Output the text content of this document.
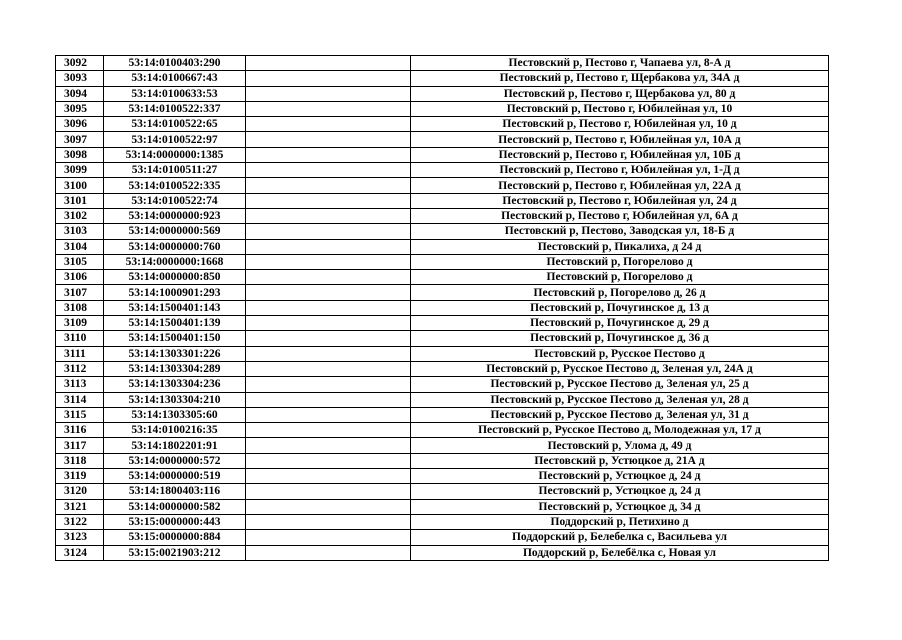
3092	53:14:0100403:290		Пестовский р, Пестово г, Чапаева ул, 8-А д
3093	53:14:0100667:43		Пестовский р, Пестово г, Щербакова ул, 34А д
3094	53:14:0100633:53		Пестовский р, Пестово г, Щербакова ул, 80 д
3095	53:14:0100522:337		Пестовский р, Пестово г, Юбилейная ул, 10
3096	53:14:0100522:65		Пестовский р, Пестово г, Юбилейная ул, 10 д
3097	53:14:0100522:97		Пестовский р, Пестово г, Юбилейная ул, 10А д
3098	53:14:0000000:1385		Пестовский р, Пестово г, Юбилейная ул, 10Б д
3099	53:14:0100511:27		Пестовский р, Пестово г, Юбилейная ул, 1-Д д
3100	53:14:0100522:335		Пестовский р, Пестово г, Юбилейная ул, 22А д
3101	53:14:0100522:74		Пестовский р, Пестово г, Юбилейная ул, 24 д
3102	53:14:0000000:923		Пестовский р, Пестово г, Юбилейная ул, 6А д
3103	53:14:0000000:569		Пестовский р, Пестово, Заводская ул, 18-Б д
3104	53:14:0000000:760		Пестовский р, Пикалиха, д 24 д
3105	53:14:0000000:1668		Пестовский р, Погорелово д
3106	53:14:0000000:850		Пестовский р, Погорелово д
3107	53:14:1000901:293		Пестовский р, Погорелово д, 26 д
3108	53:14:1500401:143		Пестовский р, Почугинское д, 13 д
3109	53:14:1500401:139		Пестовский р, Почугинское д, 29 д
3110	53:14:1500401:150		Пестовский р, Почугинское д, 36 д
3111	53:14:1303301:226		Пестовский р, Русское Пестово д
3112	53:14:1303304:289		Пестовский р, Русское Пестово д, Зеленая ул, 24А д
3113	53:14:1303304:236		Пестовский р, Русское Пестово д, Зеленая ул, 25 д
3114	53:14:1303304:210		Пестовский р, Русское Пестово д, Зеленая ул, 28 д
3115	53:14:1303305:60		Пестовский р, Русское Пестово д, Зеленая ул, 31 д
3116	53:14:0100216:35		Пестовский р, Русское Пестово д, Молодежная ул, 17 д
3117	53:14:1802201:91		Пестовский р, Улома д, 49 д
3118	53:14:0000000:572		Пестовский р, Устюцкое д, 21А д
3119	53:14:0000000:519		Пестовский р, Устюцкое д, 24 д
3120	53:14:1800403:116		Пестовский р, Устюцкое д, 24 д
3121	53:14:0000000:582		Пестовский р, Устюцкое д, 34 д
3122	53:15:0000000:443		Поддорский р, Петихино д
3123	53:15:0000000:884		Поддорский р, Белебелка с, Васильева ул
3124	53:15:0021903:212		Поддорский р, Белебёлка с, Новая ул
